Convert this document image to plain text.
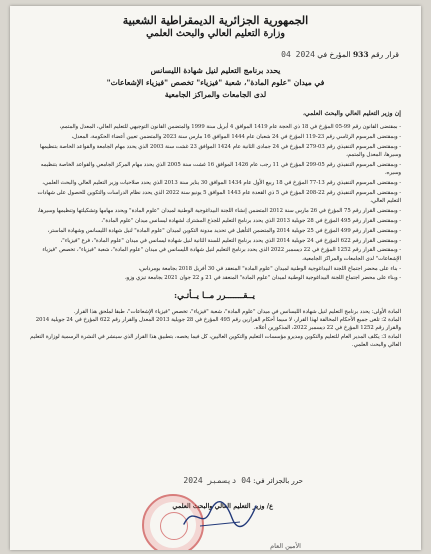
الجمهورية الجزائرية الديمقراطية الشعبية
وزارة التعليم العالي والبحث العلمي
قرار رقم 933 المؤرخ في 2024 04
يحدد برنامج التعليم لنيل شهادة الليسانس
في ميدان "علوم المادة"، شعبة "فيزياء" تخصص "فيزياء الإشعاعات"
لدى الجامعات والمراكز الجامعية

إن وزير التعليم العالي والبحث العلمي،

- بمقتضى القانون رقم 99-05 المؤرخ في 18 ذي الحجة عام 1419 الموافق 4 أبريل سنة 1999 والمتضمن القانون التوجيهي للتعليم العالي، المعدل والمتمم،

- وبمقتضى المرسوم الرئاسي رقم 23-119 المؤرخ في 24 شعبان عام 1444 الموافق 16 مارس سنة 2023 والمتضمن تعيين أعضاء الحكومة، المعدل،

- وبمقتضى المرسوم التنفيذي رقم 03-279 المؤرخ في 24 جمادى الثانية عام 1424 الموافق 23 غشت سنة 2003 الذي يحدد مهام الجامعة والقواعد الخاصة بتنظيمها وسيرها، المعدل والمتمم،

- وبمقتضى المرسوم التنفيذي رقم 05-299 المؤرخ في 11 رجب عام 1426 الموافق 16 غشت سنة 2005 الذي يحدد مهام المركز الجامعي والقواعد الخاصة بتنظيمه وسيره،

- وبمقتضى المرسوم التنفيذي رقم 13-77 المؤرخ في 18 ربيع الأول عام 1434 الموافق 30 يناير سنة 2013 الذي يحدد صلاحيات وزير التعليم العالي والبحث العلمي،

- وبمقتضى المرسوم التنفيذي رقم 22-208 المؤرخ في 5 ذي القعدة عام 1443 الموافق 5 يونيو سنة 2022 الذي يحدد نظام الدراسات والتكوين للحصول على شهادات التعليم العالي،

- وبمقتضى القرار رقم 75 المؤرخ في 26 مارس سنة 2012 المتضمن إنشاء اللجنة البيداغوجية الوطنية لميدان "علوم المادة" ويحدد مهامها وتشكيلتها وتنظيمها وسيرها،

- وبمقتضى القرار رقم 495 المؤرخ في 28 جويلية 2013 الذي يحدد برنامج التعليم للجذع المشترك لشهادة ليسانس ميدان "علوم المادة"،

- وبمقتضى القرار رقم 499 المؤرخ في 25 جويلية 2014 والمتضمن التأهيل في تحديد مدونة التكوين لميدان "علوم المادة" لنيل شهادة الليسانس وشهادة الماستر،

- وبمقتضى القرار رقم 622 المؤرخ في 24 جويلية 2014 الذي يحدد برنامج التعليم للسنة الثانية لنيل شهادة ليسانس في ميدان "علوم المادة"، فرع "فيزياء"،

- وبمقتضى القرار رقم 1252 المؤرخ في 22 ديسمبر 2022 الذي يحدد برنامج التعليم لنيل شهادة الليسانس في ميدان "علوم المادة"، شعبة "فيزياء"، تخصص "فيزياء الإشعاعات" لدى الجامعات والمراكز الجامعية،

- بناء على محضر اجتماع اللجنة البيداغوجية الوطنية لميدان "علوم المادة" المنعقد في 30 أفريل 2018 بجامعة بومرداس،

- وبناء على محضر اجتماع اللجنة البيداغوجية الوطنية لميدان "علوم المادة" المنعقد في 21 و 22 جوان 2021 بجامعة تيزي وزو،

يــقـــــــرر مــا يــأتـي:

المادة الأولى: يحدد برنامج التعليم لنيل شهادة الليسانس في ميدان "علوم المادة"، شعبة "فيزياء"، تخصص "فيزياء الإشعاعات"، طبقا لملحق هذا القرار.

المادة 2: تلغى جميع الأحكام المخالفة لهذا القرار، لا سيما أحكام القرارين رقم 495 المؤرخ في 28 جويلية 2013 المعدل والقرار رقم 622 المؤرخ في 24 جويلية 2014 والقرار رقم 1252 المؤرخ في 22 ديسمبر 2022، المذكورين أعلاه.

المادة 3: يكلف المدير العام للتعليم والتكوين ومديرو مؤسسات التعليم والتكوين العاليين، كل فيما يخصه، بتطبيق هذا القرار الذي سينشر في النشرة الرسمية لوزارة التعليم العالي والبحث العلمي.

حرر بالجزائر في: 04 ديسمبر 2024
ع/ وزير التعليم العالي والبحث العلمي
الأمين العام
